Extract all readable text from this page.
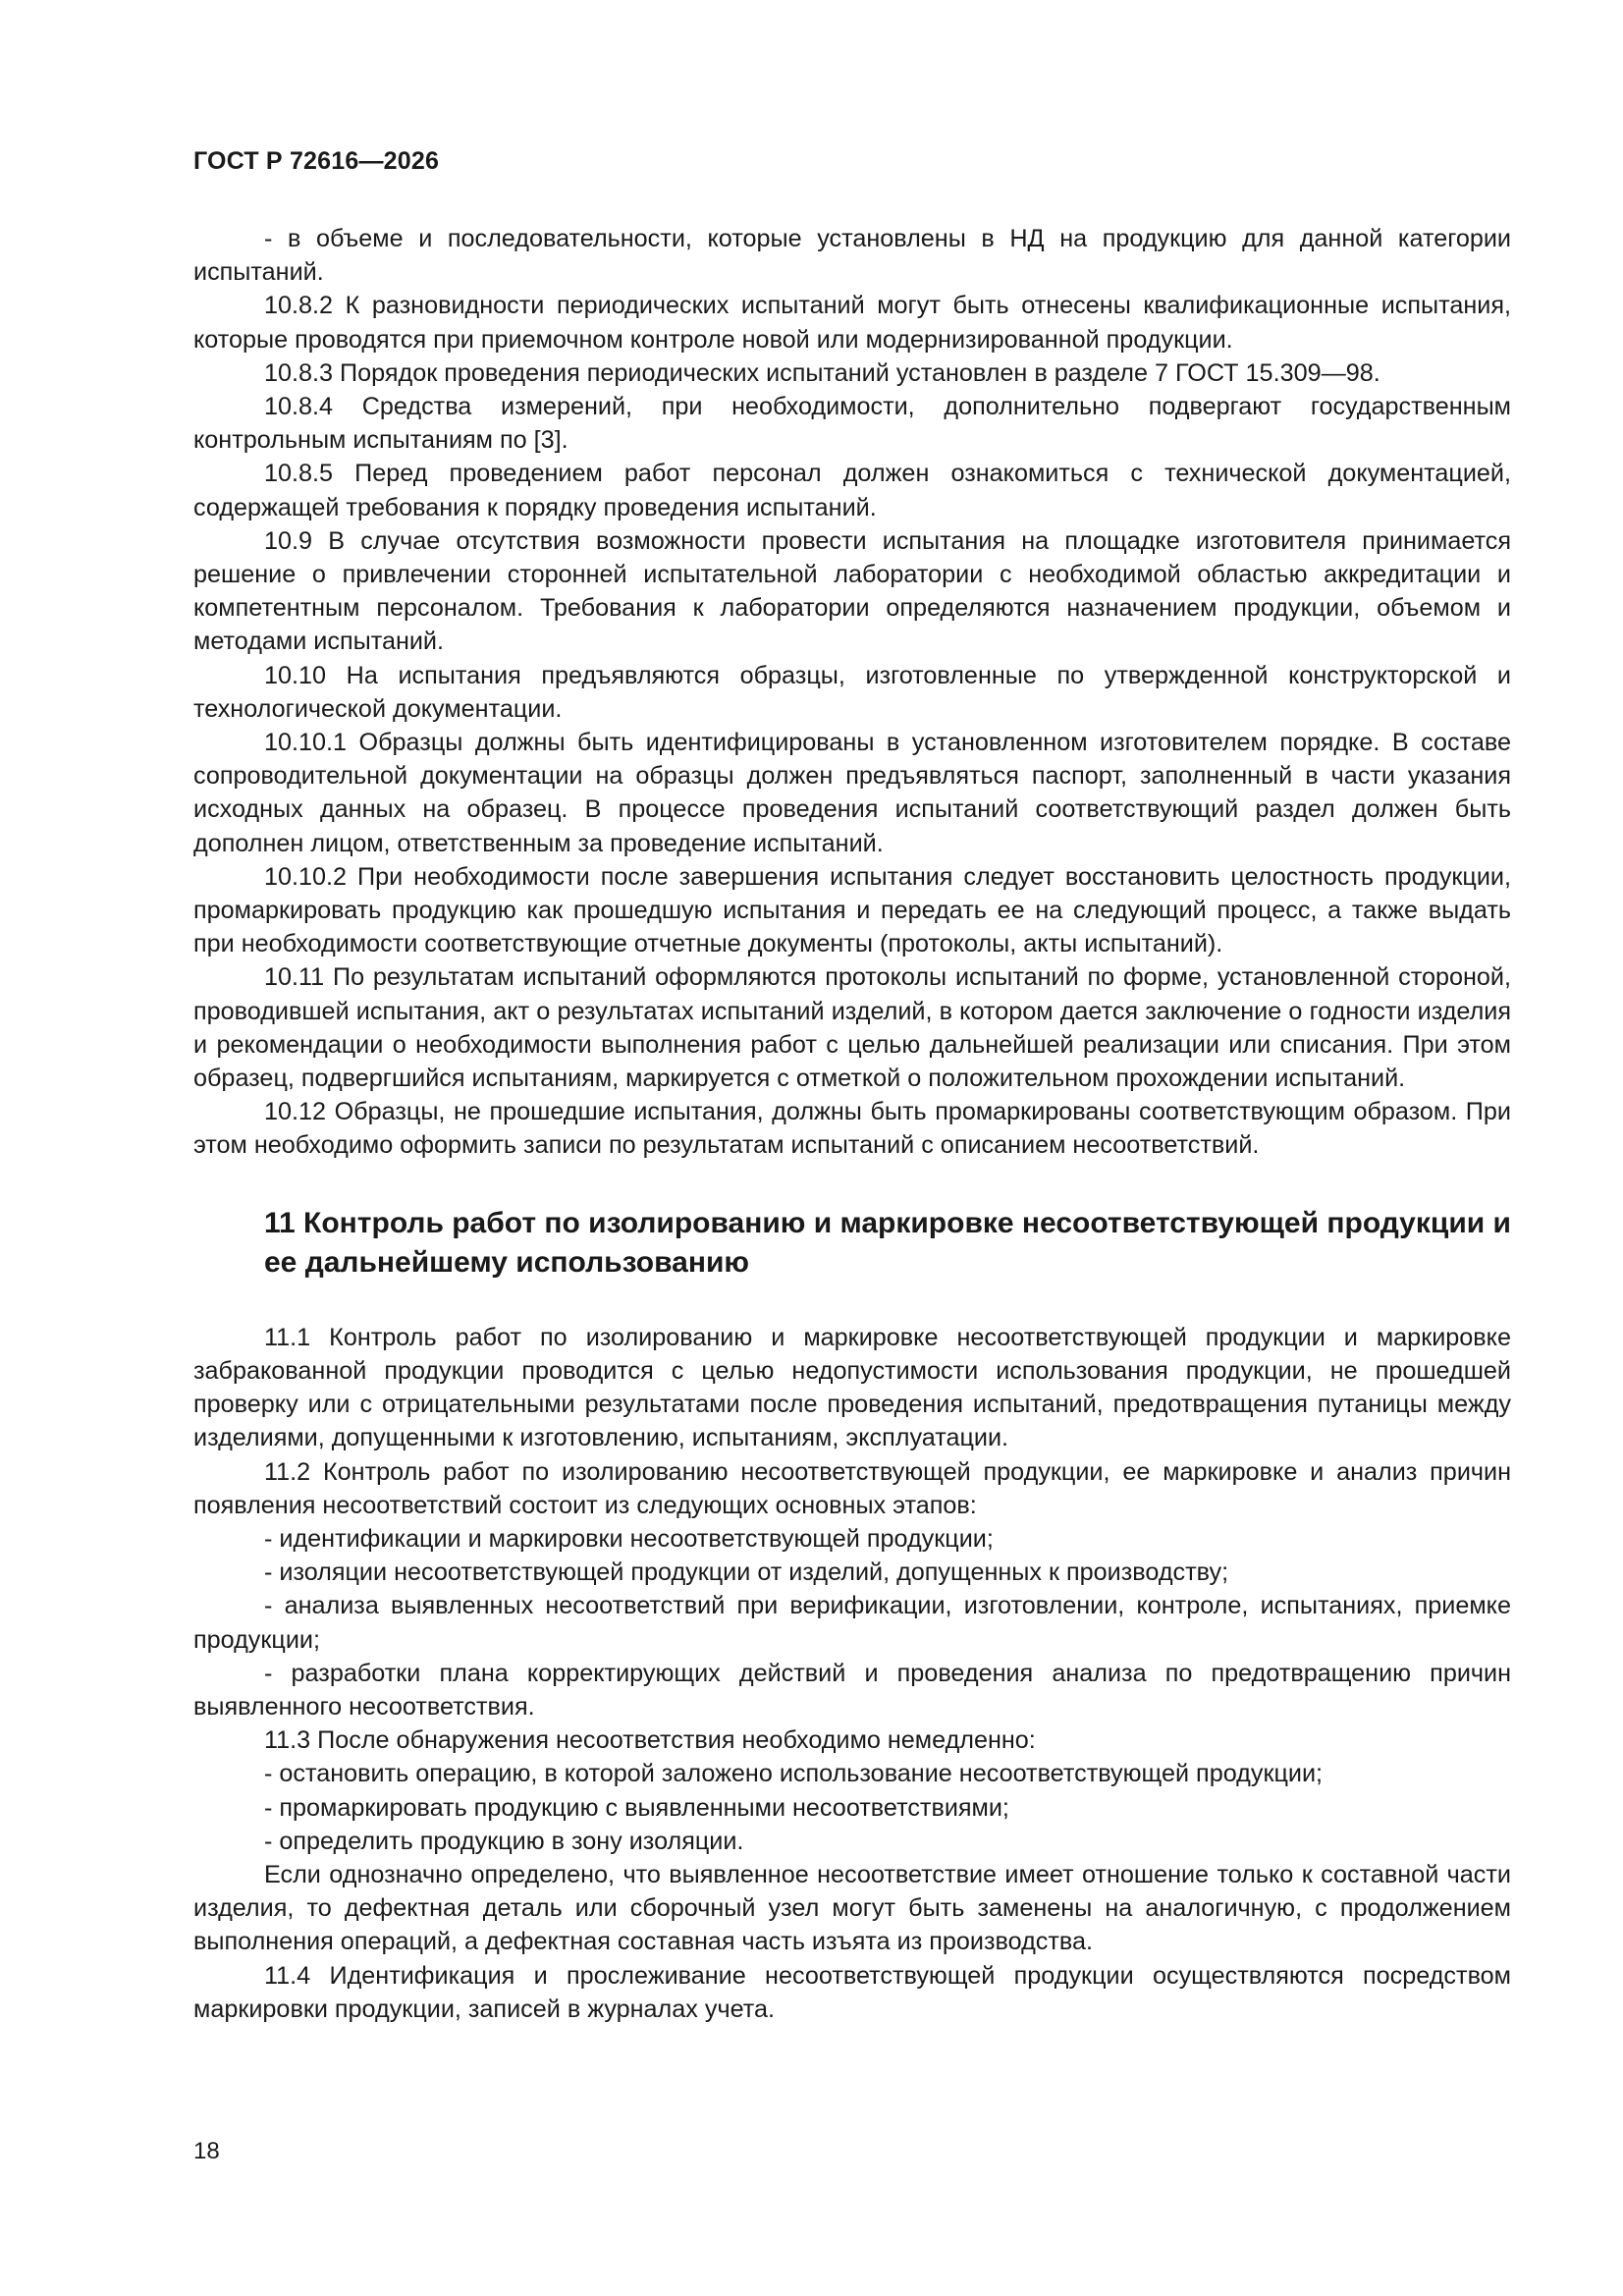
ГОСТ Р 72616—2026

- в объеме и последовательности, которые установлены в НД на продукцию для данной категории испытаний.

10.8.2 К разновидности периодических испытаний могут быть отнесены квалификационные испытания, которые проводятся при приемочном контроле новой или модернизированной продукции.

10.8.3 Порядок проведения периодических испытаний установлен в разделе 7 ГОСТ 15.309—98.

10.8.4 Средства измерений, при необходимости, дополнительно подвергают государственным контрольным испытаниям по [3].

10.8.5 Перед проведением работ персонал должен ознакомиться с технической документацией, содержащей требования к порядку проведения испытаний.

10.9 В случае отсутствия возможности провести испытания на площадке изготовителя принимается решение о привлечении сторонней испытательной лаборатории с необходимой областью аккредитации и компетентным персоналом. Требования к лаборатории определяются назначением продукции, объемом и методами испытаний.

10.10 На испытания предъявляются образцы, изготовленные по утвержденной конструкторской и технологической документации.

10.10.1 Образцы должны быть идентифицированы в установленном изготовителем порядке. В составе сопроводительной документации на образцы должен предъявляться паспорт, заполненный в части указания исходных данных на образец. В процессе проведения испытаний соответствующий раздел должен быть дополнен лицом, ответственным за проведение испытаний.

10.10.2 При необходимости после завершения испытания следует восстановить целостность продукции, промаркировать продукцию как прошедшую испытания и передать ее на следующий процесс, а также выдать при необходимости соответствующие отчетные документы (протоколы, акты испытаний).

10.11 По результатам испытаний оформляются протоколы испытаний по форме, установленной стороной, проводившей испытания, акт о результатах испытаний изделий, в котором дается заключение о годности изделия и рекомендации о необходимости выполнения работ с целью дальнейшей реализации или списания. При этом образец, подвергшийся испытаниям, маркируется с отметкой о положительном прохождении испытаний.

10.12 Образцы, не прошедшие испытания, должны быть промаркированы соответствующим образом. При этом необходимо оформить записи по результатам испытаний с описанием несоответствий.

11 Контроль работ по изолированию и маркировке несоответствующей продукции и ее дальнейшему использованию

11.1 Контроль работ по изолированию и маркировке несоответствующей продукции и маркировке забракованной продукции проводится с целью недопустимости использования продукции, не прошедшей проверку или с отрицательными результатами после проведения испытаний, предотвращения путаницы между изделиями, допущенными к изготовлению, испытаниям, эксплуатации.

11.2 Контроль работ по изолированию несоответствующей продукции, ее маркировке и анализ причин появления несоответствий состоит из следующих основных этапов:

- идентификации и маркировки несоответствующей продукции;

- изоляции несоответствующей продукции от изделий, допущенных к производству;

- анализа выявленных несоответствий при верификации, изготовлении, контроле, испытаниях, приемке продукции;

- разработки плана корректирующих действий и проведения анализа по предотвращению причин выявленного несоответствия.

11.3 После обнаружения несоответствия необходимо немедленно:

- остановить операцию, в которой заложено использование несоответствующей продукции;

- промаркировать продукцию с выявленными несоответствиями;

- определить продукцию в зону изоляции.

Если однозначно определено, что выявленное несоответствие имеет отношение только к составной части изделия, то дефектная деталь или сборочный узел могут быть заменены на аналогичную, с продолжением выполнения операций, а дефектная составная часть изъята из производства.

11.4 Идентификация и прослеживание несоответствующей продукции осуществляются посредством маркировки продукции, записей в журналах учета.

18
